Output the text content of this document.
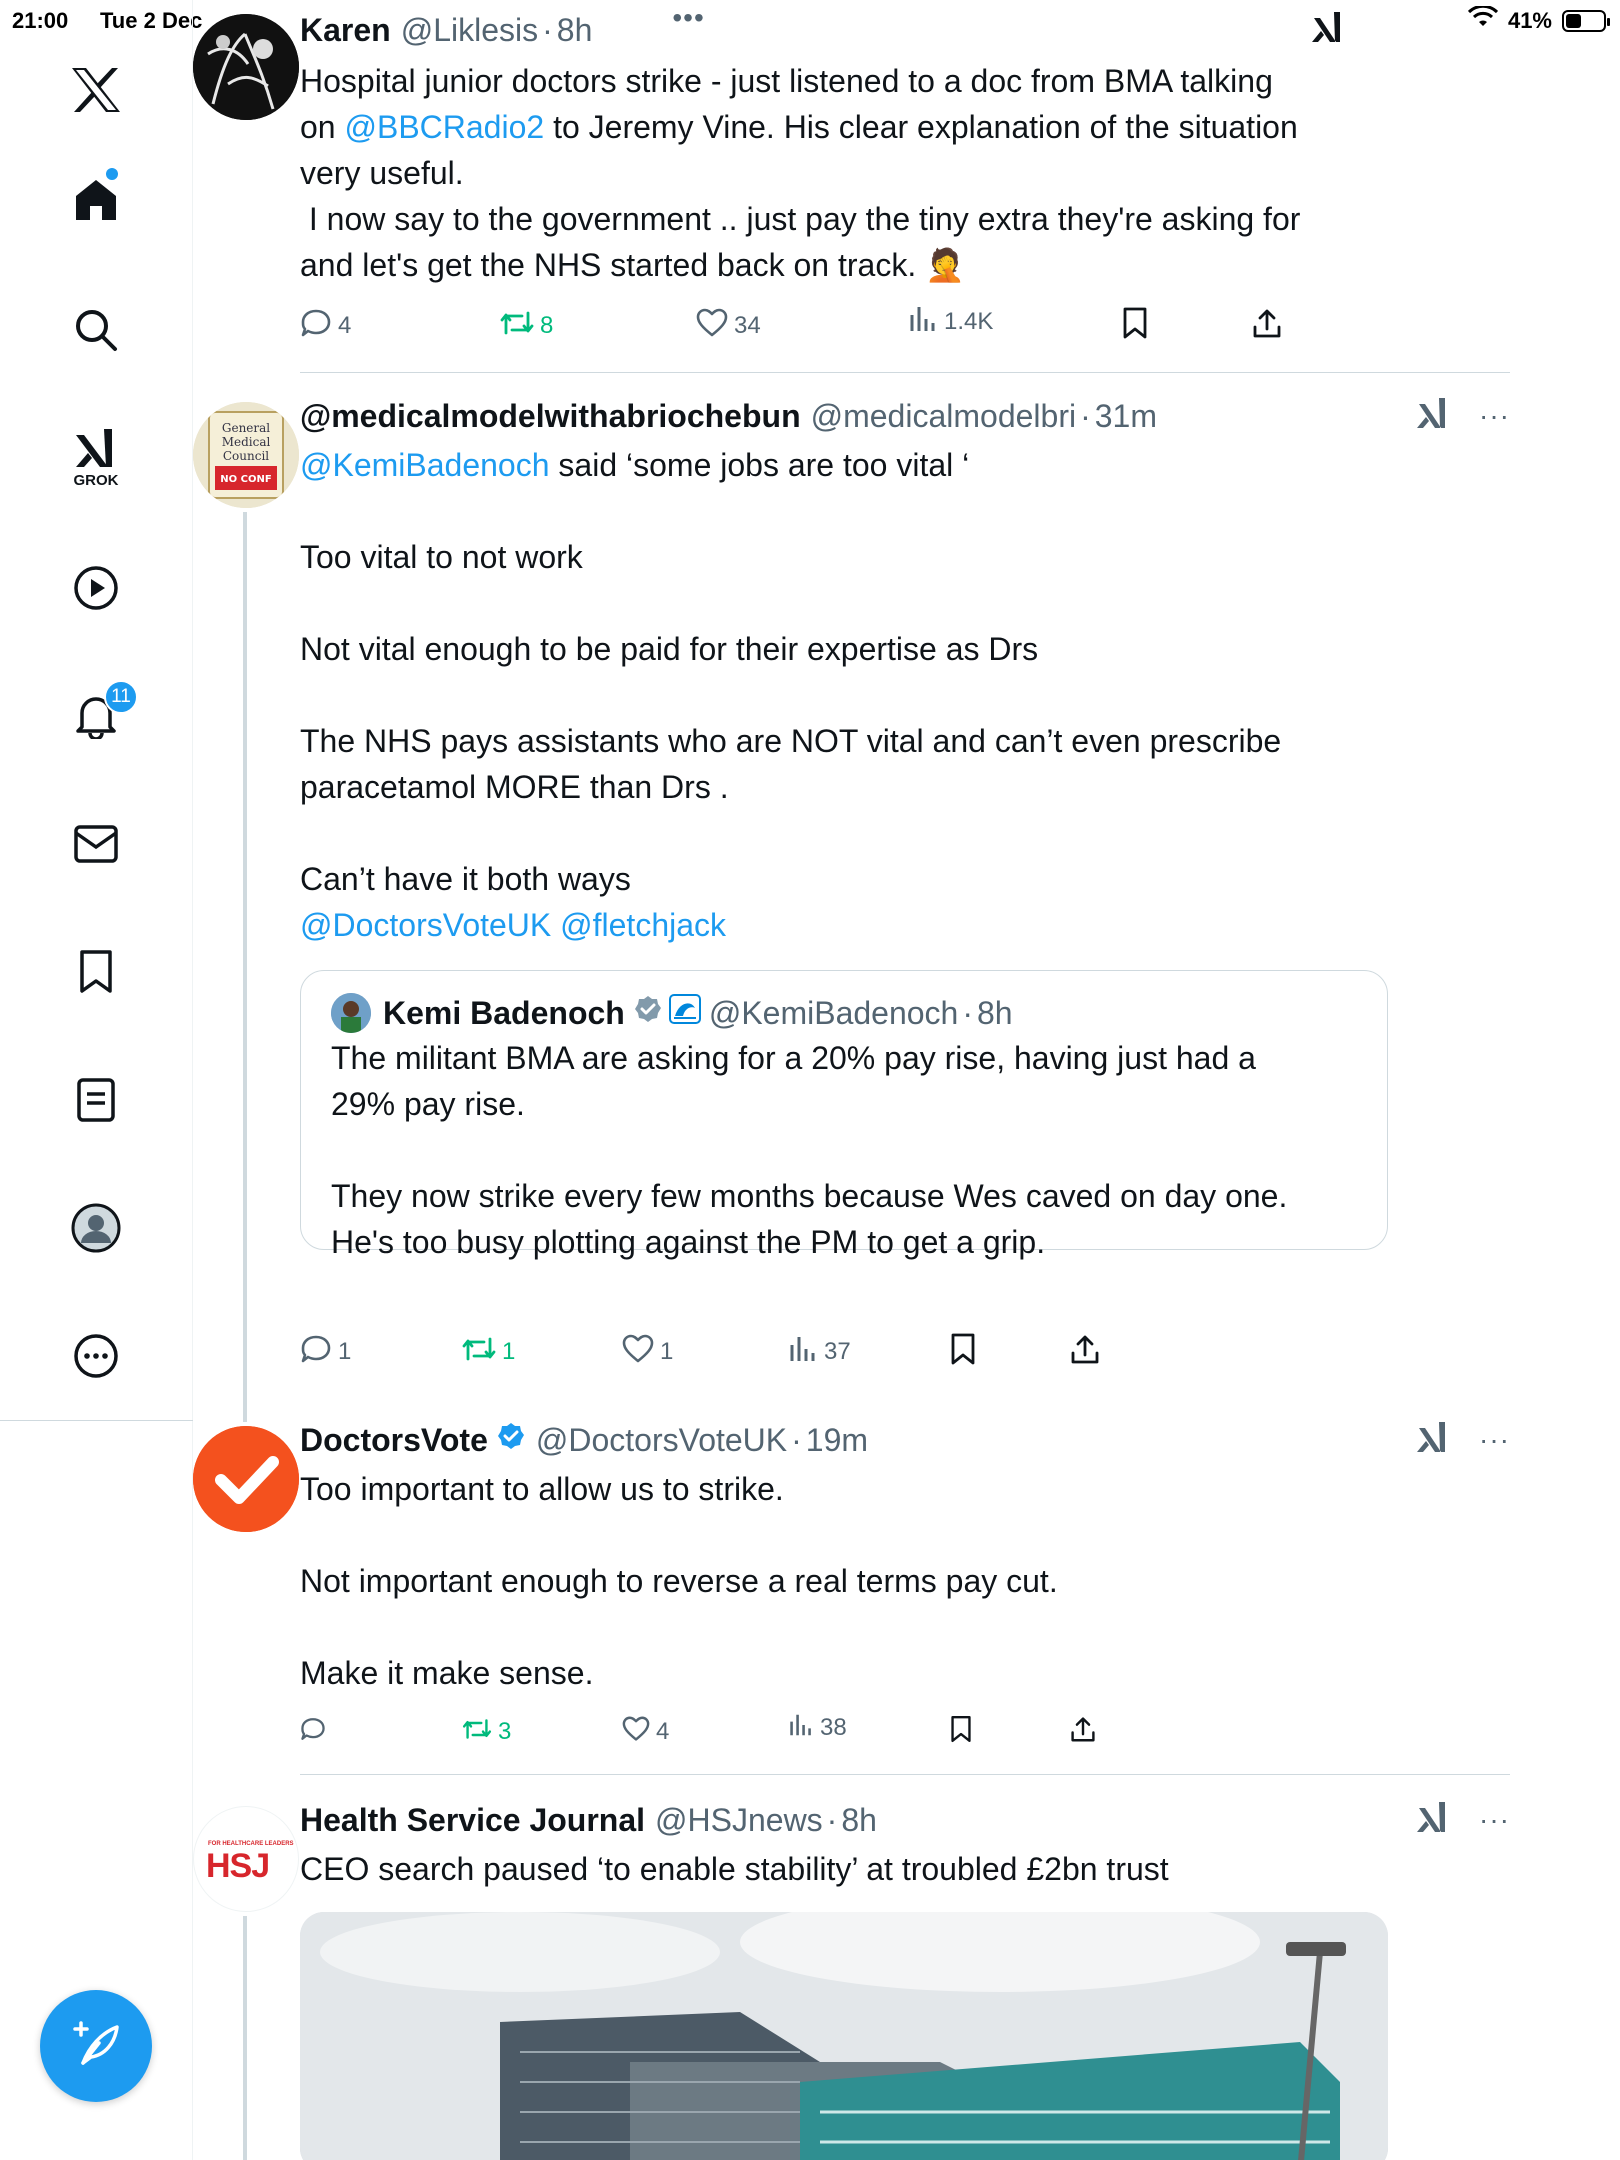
21:00 Tue 2 Dec	41%
GROK
11
Karen @Liklesis · 8h	•••
Hospital junior doctors strike - just listened to a doc from BMA talking
on @BBCRadio2 to Jeremy Vine. His clear explanation of the situation
very useful.
I now say to the government .. just pay the tiny extra they're asking for
and let's get the NHS started back on track. 🤦
4	8	34	1.4K
General
Medical
Council
NO CONF
@medicalmodelwithabriochebun @medicalmodelbri · 31m	···
@KemiBadenoch said ‘some jobs are too vital ‘

Too vital to not work

Not vital enough to be paid for their expertise as Drs

The NHS pays assistants who are NOT vital and can’t even prescribe
paracetamol MORE than Drs .

Can’t have it both ways
@DoctorsVoteUK @fletchjack
Kemi Badenoch	@KemiBadenoch · 8h
The militant BMA are asking for a 20% pay rise, having just had a
29% pay rise.

They now strike every few months because Wes caved on day one.
He's too busy plotting against the PM to get a grip.
1	1	1	37
DoctorsVote @DoctorsVoteUK · 19m	···
Too important to allow us to strike.

Not important enough to reverse a real terms pay cut.

Make it make sense.
3	4	38
FOR HEALTHCARE LEADERS
HSJ
Health Service Journal @HSJnews · 8h	···
CEO search paused ‘to enable stability’ at troubled £2bn trust
